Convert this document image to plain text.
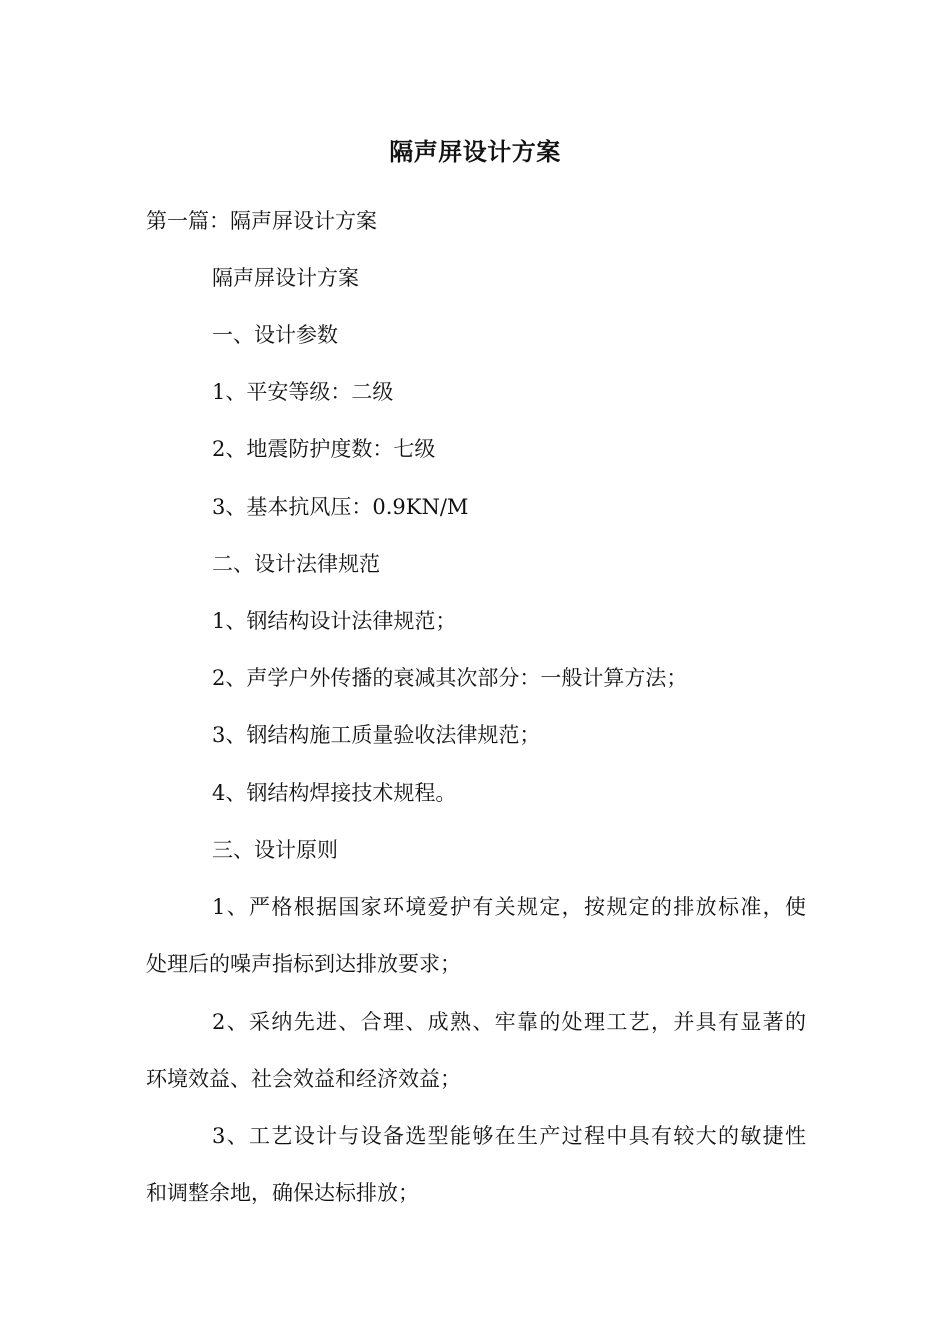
隔声屏设计方案
第一篇：隔声屏设计方案
隔声屏设计方案
一、设计参数
1、平安等级：二级
2、地震防护度数：七级
3、基本抗风压：0.9KN/M
二、设计法律规范
1、钢结构设计法律规范；
2、声学户外传播的衰减其次部分：一般计算方法；
3、钢结构施工质量验收法律规范；
4、钢结构焊接技术规程。
三、设计原则
1、严格根据国家环境爱护有关规定，按规定的排放标准，使
处理后的噪声指标到达排放要求；
2、采纳先进、合理、成熟、牢靠的处理工艺，并具有显著的
环境效益、社会效益和经济效益；
3、工艺设计与设备选型能够在生产过程中具有较大的敏捷性
和调整余地，确保达标排放；
